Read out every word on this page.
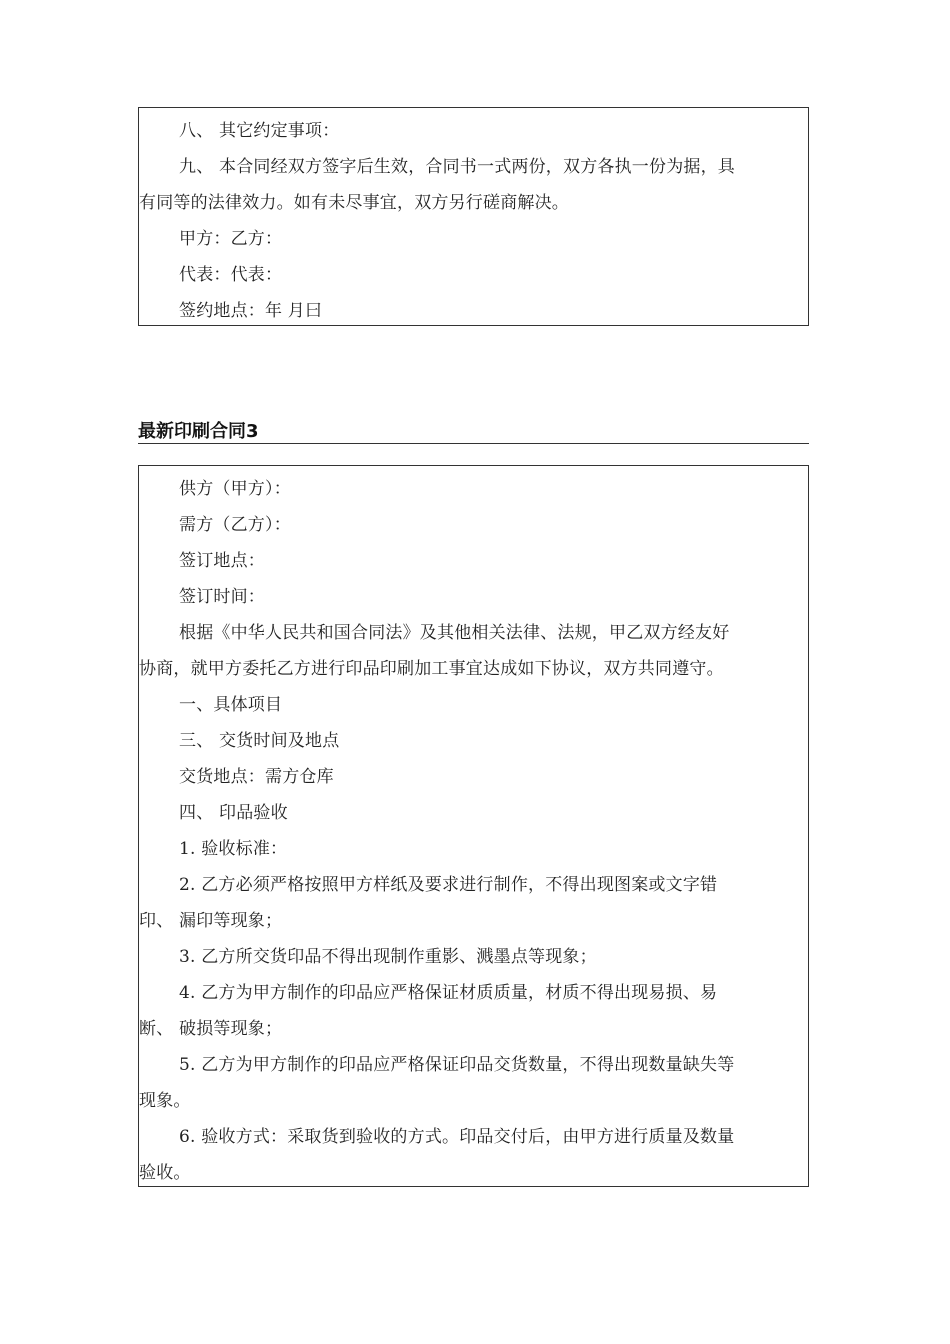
八、 其它约定事项：
九、 本合同经双方签字后生效，合同书一式两份，双方各执一份为据，具
有同等的法律效力。如有未尽事宜，双方另行磋商解决。
甲方：乙方：
代表：代表：
签约地点：年 月曰
最新印刷合同3
供方（甲方）：
需方（乙方）：
签订地点：
签订时间：
根据《中华人民共和国合同法》及其他相关法律、法规，甲乙双方经友好
协商，就甲方委托乙方进行印品印刷加工事宜达成如下协议，双方共同遵守。
一、具体项目
三、 交货时间及地点
交货地点：需方仓库
四、 印品验收
1. 验收标准：
2. 乙方必须严格按照甲方样纸及要求进行制作，不得出现图案或文字错
印、 漏印等现象；
3. 乙方所交货印品不得出现制作重影、溅墨点等现象；
4. 乙方为甲方制作的印品应严格保证材质质量，材质不得出现易损、易
断、 破损等现象；
5. 乙方为甲方制作的印品应严格保证印品交货数量，不得出现数量缺失等
现象。
6. 验收方式：采取货到验收的方式。印品交付后，由甲方进行质量及数量
验收。
